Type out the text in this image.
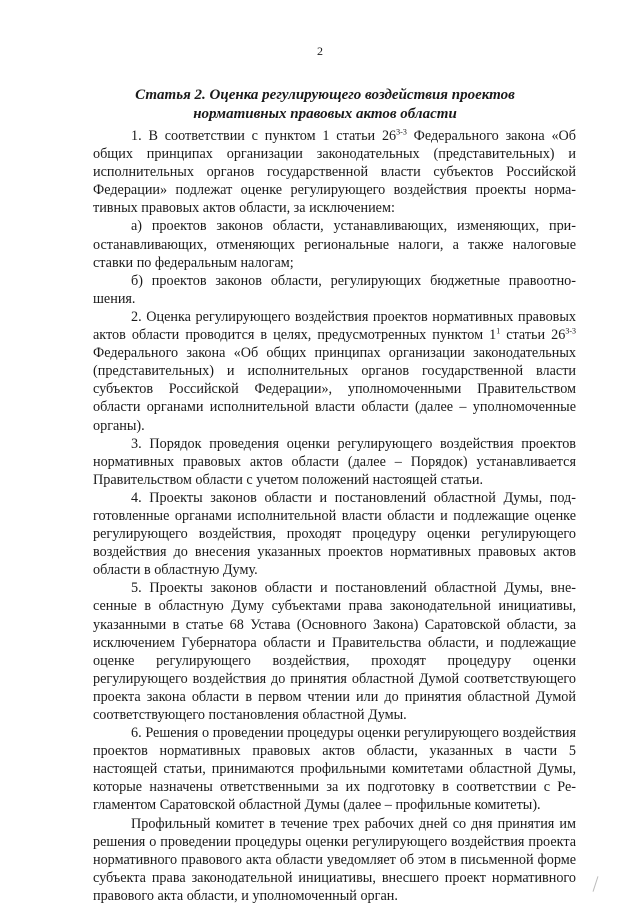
2
Статья 2. Оценка регулирующего воздействия проектов
нормативных правовых актов области

1. В соответствии с пунктом 1 статьи 26$^{3-3}$ Федерального закона «Об общих принципах организации законодательных (представительных) и исполнительных органов государственной власти субъектов Российской Федерации» подлежат оценке регулирующего воздействия проекты нормативных правовых актов области, за исключением:

а) проектов законов области, устанавливающих, изменяющих, приостанавливающих, отменяющих региональные налоги, а также налоговые ставки по федеральным налогам;

б) проектов законов области, регулирующих бюджетные правоотношения.

2. Оценка регулирующего воздействия проектов нормативных правовых актов области проводится в целях, предусмотренных пунктом $1^1$ статьи 26$^{3-3}$ Федерального закона «Об общих принципах организации законодательных (представительных) и исполнительных органов государственной власти субъектов Российской Федерации», уполномоченными Правительством области органами исполнительной власти области (далее – уполномоченные органы).

3. Порядок проведения оценки регулирующего воздействия проектов нормативных правовых актов области (далее – Порядок) устанавливается Правительством области с учетом положений настоящей статьи.

4. Проекты законов области и постановлений областной Думы, подготовленные органами исполнительной власти области и подлежащие оценке регулирующего воздействия, проходят процедуру оценки регулирующего воздействия до внесения указанных проектов нормативных правовых актов области в областную Думу.

5. Проекты законов области и постановлений областной Думы, внесенные в областную Думу субъектами права законодательной инициативы, указанными в статье 68 Устава (Основного Закона) Саратовской области, за исключением Губернатора области и Правительства области, и подлежащие оценке регулирующего воздействия, проходят процедуру оценки регулирующего воздействия до принятия областной Думой соответствующего проекта закона области в первом чтении или до принятия областной Думой соответствующего постановления областной Думы.

6. Решения о проведении процедуры оценки регулирующего воздействия проектов нормативных правовых актов области, указанных в части 5 настоящей статьи, принимаются профильными комитетами областной Думы, которые назначены ответственными за их подготовку в соответствии с Регламентом Саратовской областной Думы (далее – профильные комитеты).

Профильный комитет в течение трех рабочих дней со дня принятия им решения о проведении процедуры оценки регулирующего воздействия проекта нормативного правового акта области уведомляет об этом в письменной форме субъекта права законодательной инициативы, внесшего проект нормативного правового акта области, и уполномоченный орган.
